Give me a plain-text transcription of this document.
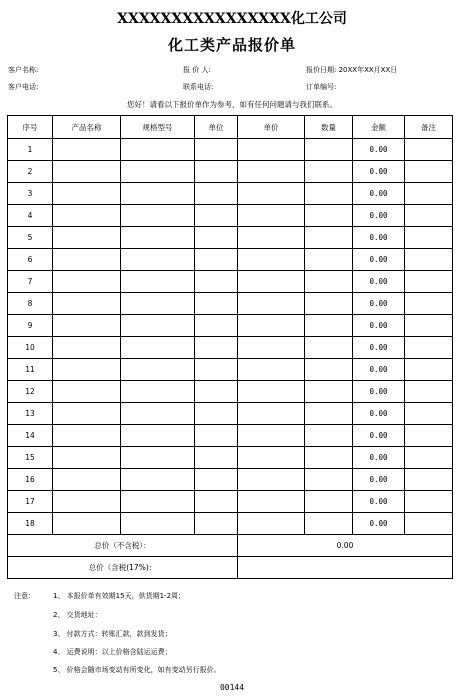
XXXXXXXXXXXXXXXX化工公司
化工类产品报价单
客户名称:	报 价 人:	报价日期: 20XX年XX月XX日
客户电话:	联系电话:	订单编号:
您好！请看以下报价单作为参考，如有任何问题请与我们联系。
序号	产品名称	规格型号	单位	单价	数量	金额	备注
1						0.00	
2						0.00	
3						0.00	
4						0.00	
5						0.00	
6						0.00	
7						0.00	
8						0.00	
9						0.00	
10						0.00	
11						0.00	
12						0.00	
13						0.00	
14						0.00	
15						0.00	
16						0.00	
17						0.00	
18						0.00	
总价（不含税）：				0.00			
总价（含税(17%)：							
注意：	1、 本报价单有效期15天，供货期1-2周；
2、 交货地址：
3、 付款方式：转账汇款，款到发货；
4、 运费说明：以上价格含陆运运费；
5、 价格会随市场变动有所变化，如有变动另行报价。
00144
